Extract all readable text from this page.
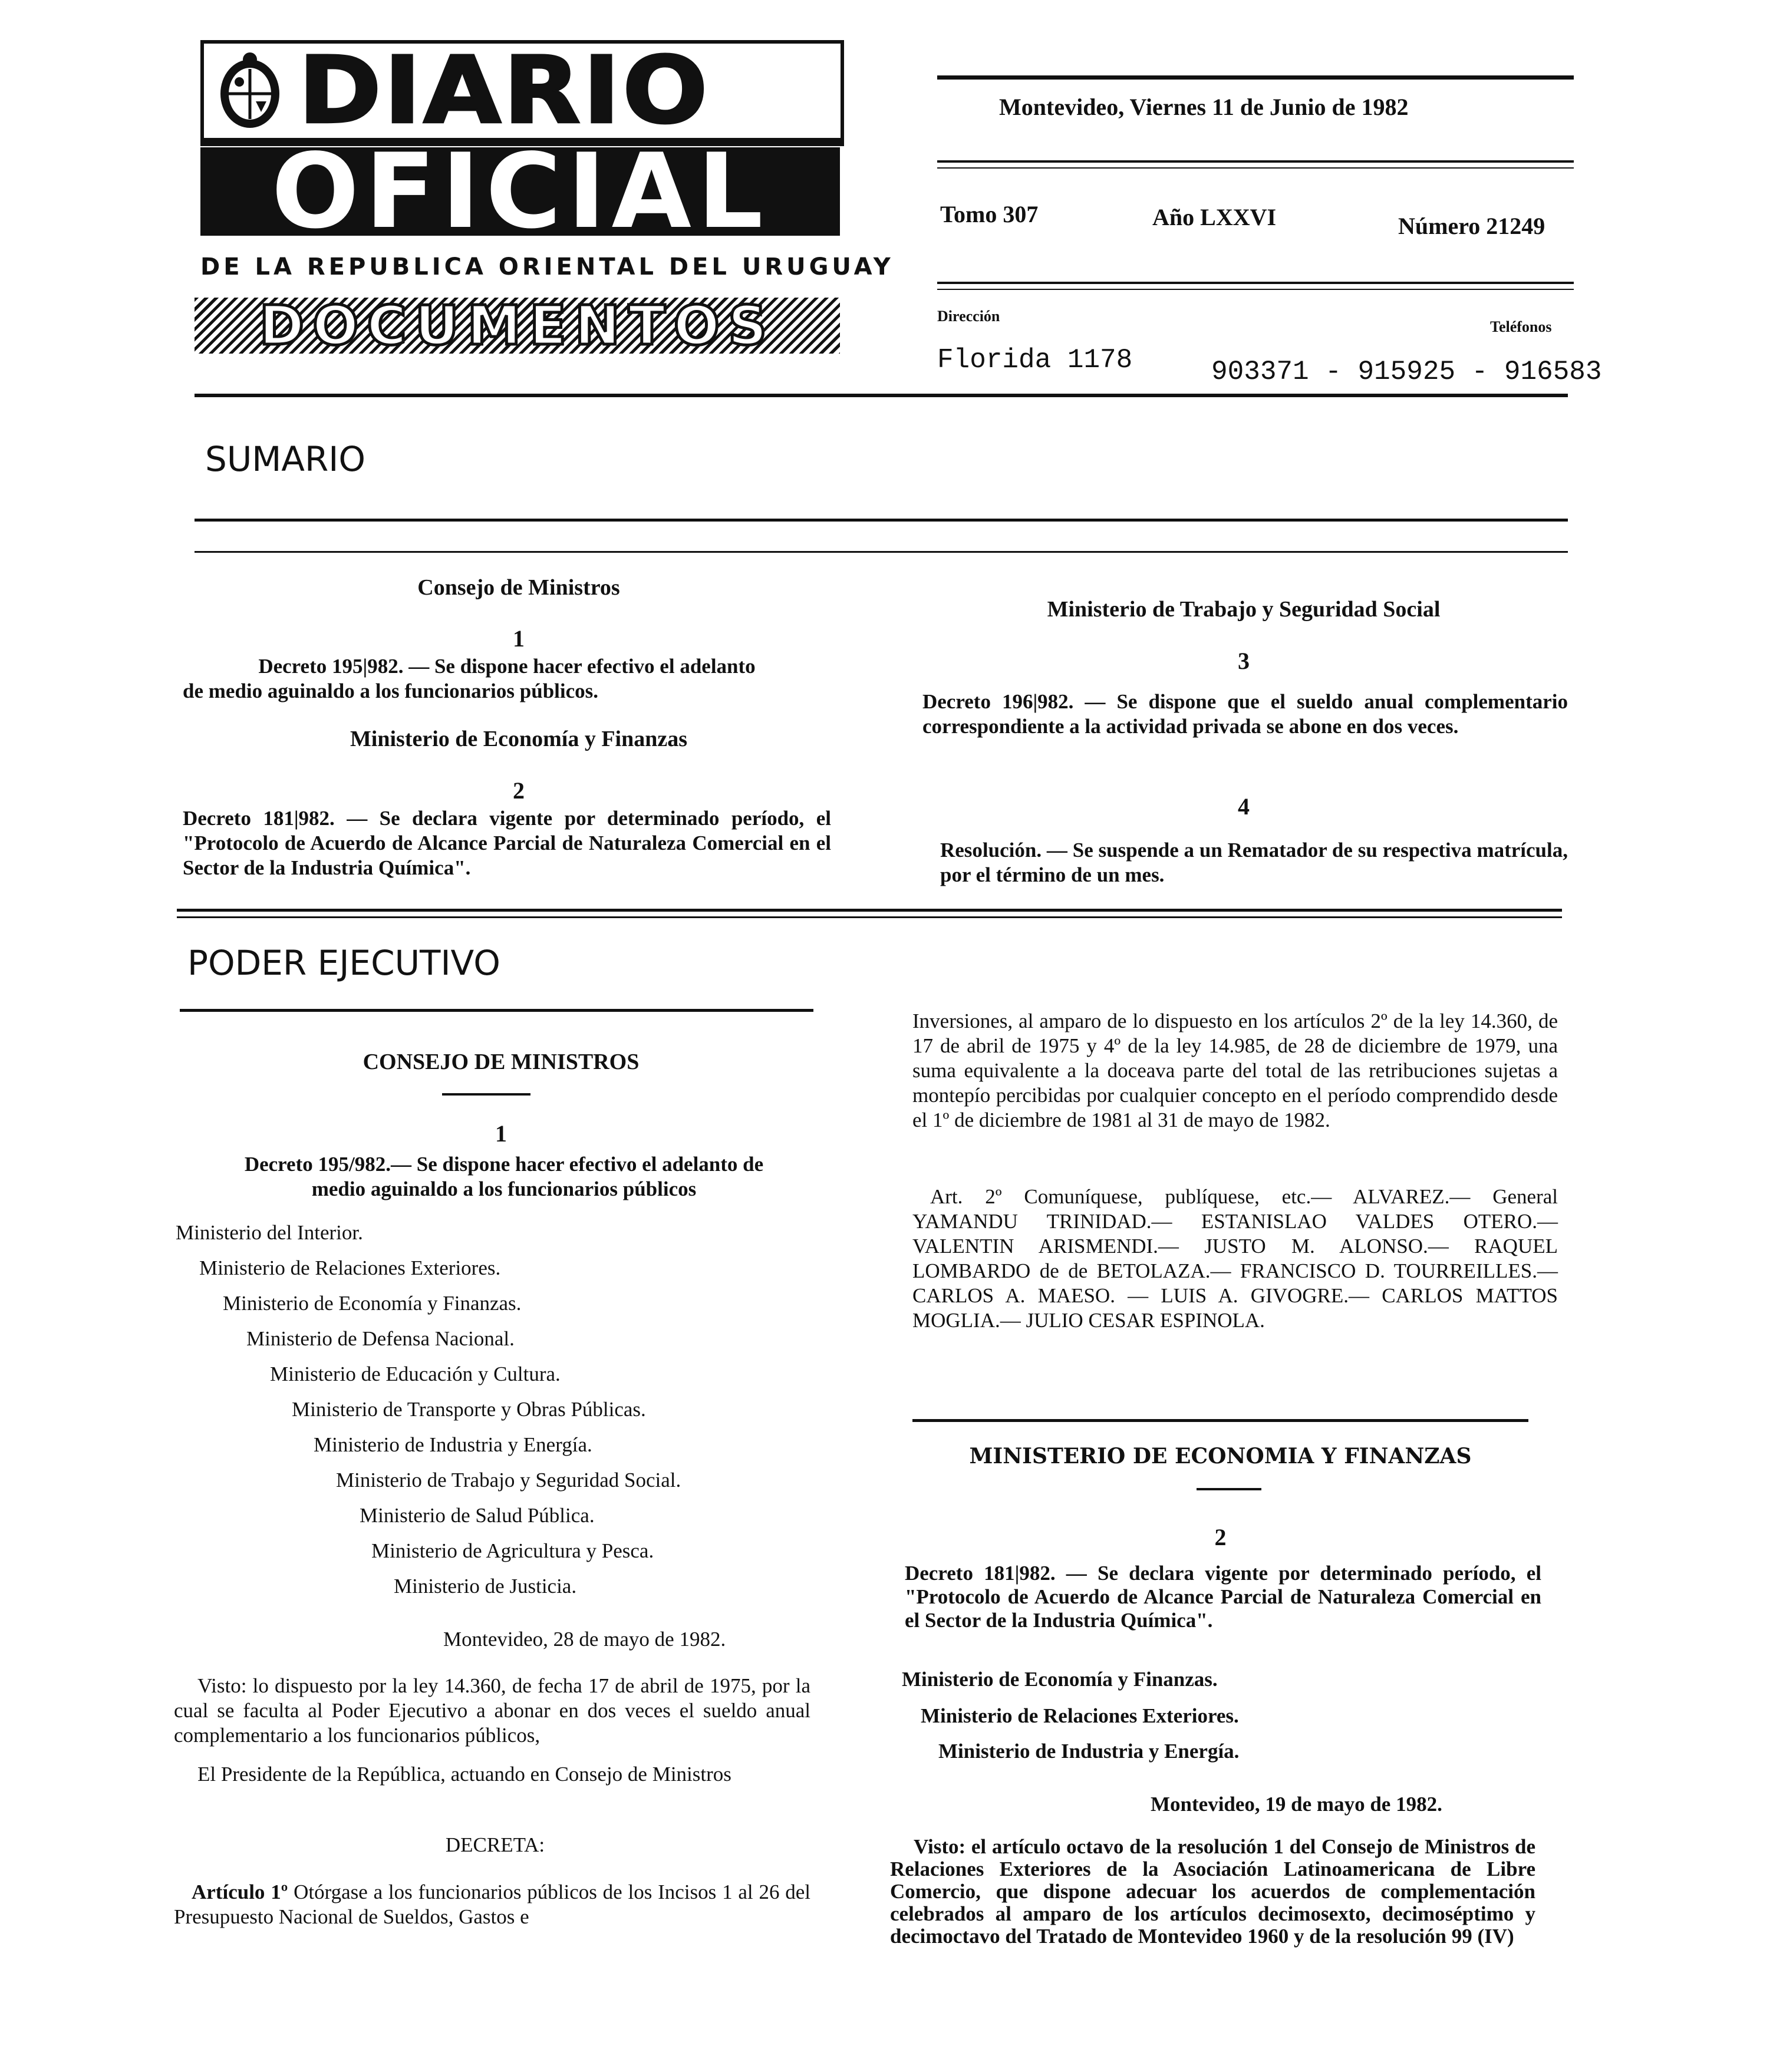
DIARIO
OFICIAL
DE LA REPUBLICA ORIENTAL DEL URUGUAY
DOCUMENTOS
Montevideo, Viernes 11 de Junio de 1982
Tomo 307	Año LXXVI	Número 21249
Dirección
Teléfonos
Florida 1178	903371 - 915925 - 916583
SUMARIO
Consejo de Ministros
1
Decreto 195|982. — Se dispone hacer efectivo el adelanto
de medio aguinaldo a los funcionarios públicos.
Ministerio de Economía y Finanzas
2
Decreto 181|982. — Se declara vigente por determinado período, el "Protocolo de Acuerdo de Alcance Parcial de Naturaleza Comercial en el Sector de la Industria Química".
Ministerio de Trabajo y Seguridad Social
3
Decreto 196|982. — Se dispone que el sueldo anual complementario correspondiente a la actividad privada se abone en dos veces.
4
Resolución. — Se suspende a un Rematador de su respectiva matrícula, por el término de un mes.
PODER EJECUTIVO
CONSEJO DE MINISTROS
1
Decreto 195/982.— Se dispone hacer efectivo el adelanto de
medio aguinaldo a los funcionarios públicos
Ministerio del Interior.
Ministerio de Relaciones Exteriores.
Ministerio de Economía y Finanzas.
Ministerio de Defensa Nacional.
Ministerio de Educación y Cultura.
Ministerio de Transporte y Obras Públicas.
Ministerio de Industria y Energía.
Ministerio de Trabajo y Seguridad Social.
Ministerio de Salud Pública.
Ministerio de Agricultura y Pesca.
Ministerio de Justicia.
Montevideo, 28 de mayo de 1982.
Visto: lo dispuesto por la ley 14.360, de fecha 17 de abril de 1975, por la cual se faculta al Poder Ejecutivo a abonar en dos veces el sueldo anual complementario a los funcionarios públicos,
El Presidente de la República, actuando en Consejo de Ministros
DECRETA:
Artículo 1º Otórgase a los funcionarios públicos de los Incisos 1 al 26 del Presupuesto Nacional de Sueldos, Gastos e
Inversiones, al amparo de lo dispuesto en los artículos 2º de la ley 14.360, de 17 de abril de 1975 y 4º de la ley 14.985, de 28 de diciembre de 1979, una suma equivalente a la doceava parte del total de las retribuciones sujetas a montepío percibidas por cualquier concepto en el período comprendido desde el 1º de diciembre de 1981 al 31 de mayo de 1982.
Art. 2º Comuníquese, publíquese, etc.— ALVAREZ.— General YAMANDU TRINIDAD.— ESTANISLAO VALDES OTERO.— VALENTIN ARISMENDI.— JUSTO M. ALONSO.— RAQUEL LOMBARDO de de BETOLAZA.— FRANCISCO D. TOURREILLES.— CARLOS A. MAESO. — LUIS A. GIVOGRE.— CARLOS MATTOS MOGLIA.— JULIO CESAR ESPINOLA.
MINISTERIO DE ECONOMIA Y FINANZAS
2
Decreto 181|982. — Se declara vigente por determinado período, el "Protocolo de Acuerdo de Alcance Parcial de Naturaleza Comercial en el Sector de la Industria Química".
Ministerio de Economía y Finanzas.
Ministerio de Relaciones Exteriores.
Ministerio de Industria y Energía.
Montevideo, 19 de mayo de 1982.
Visto: el artículo octavo de la resolución 1 del Consejo de Ministros de Relaciones Exteriores de la Asociación Latinoamericana de Libre Comercio, que dispone adecuar los acuerdos de complementación celebrados al amparo de los artículos decimosexto, decimoséptimo y decimoctavo del Tratado de Montevideo 1960 y de la resolución 99 (IV)
